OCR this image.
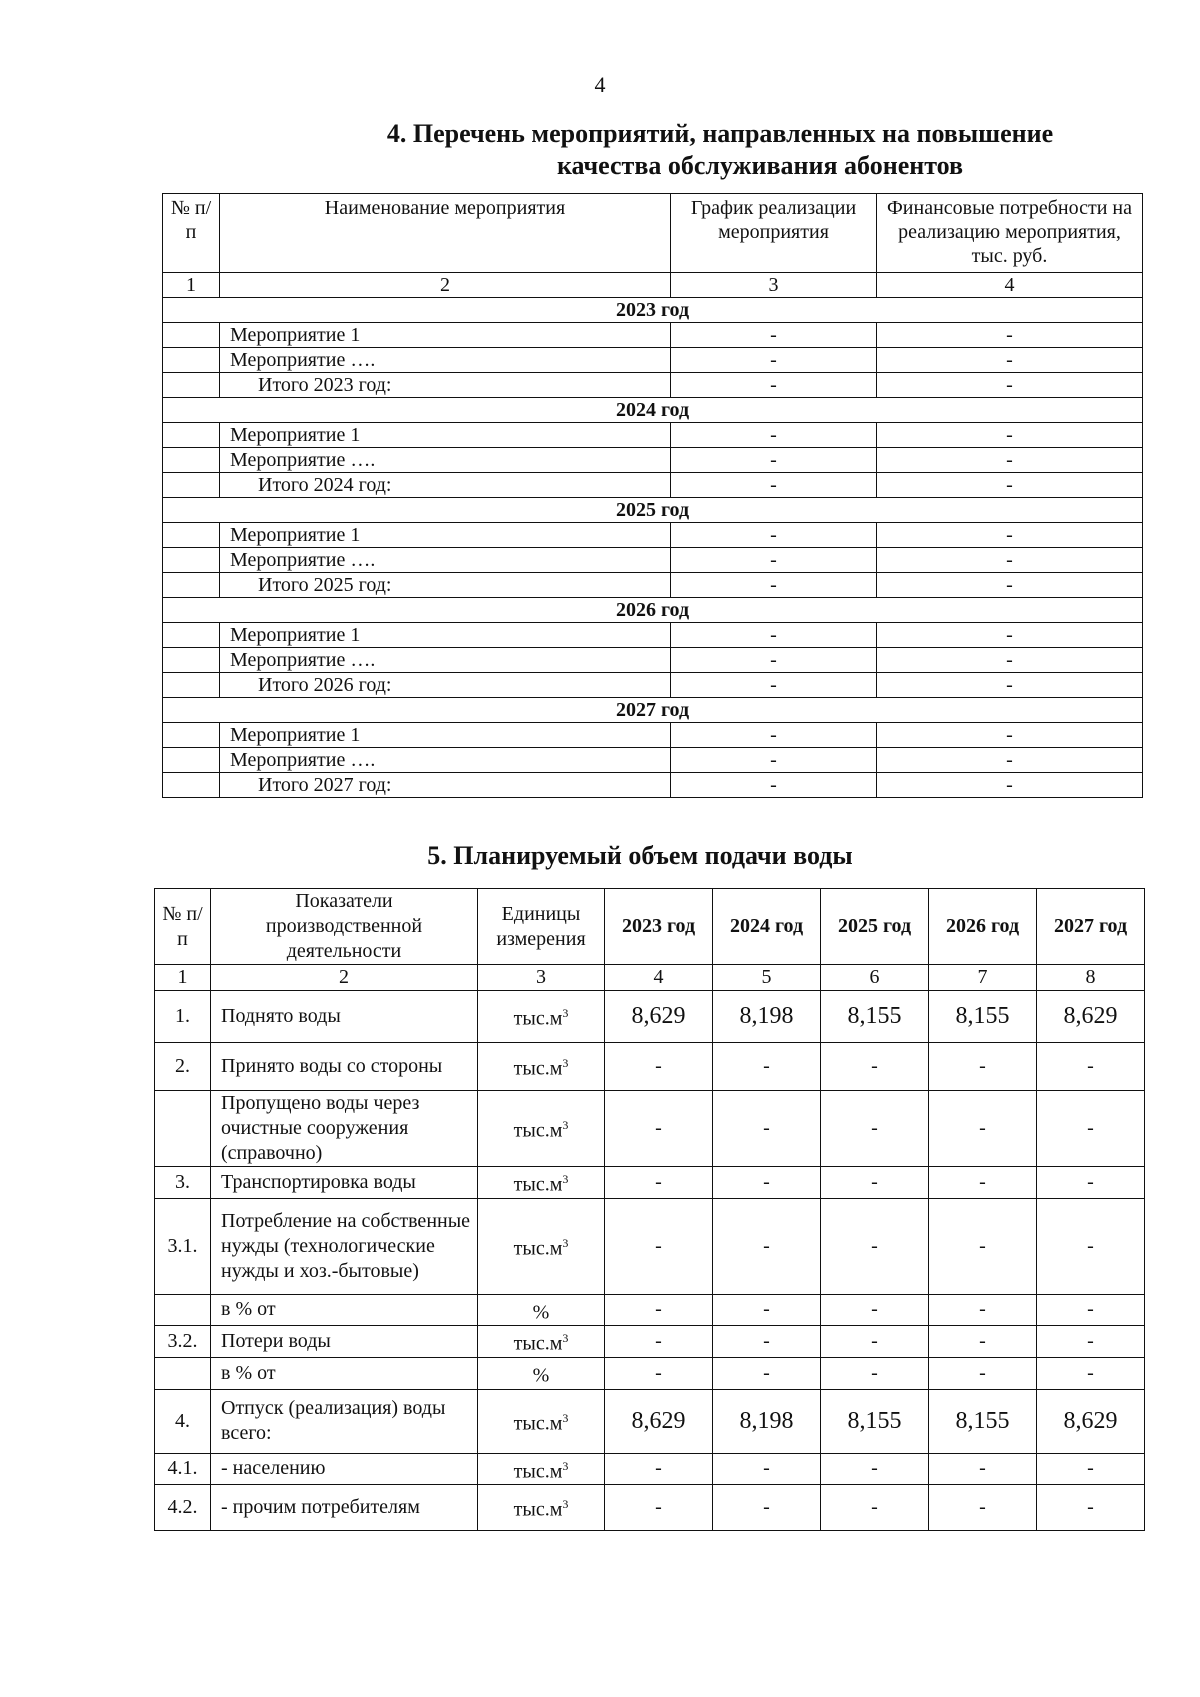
4
4. Перечень мероприятий, направленных на повышение
качества обслуживания абонентов
№ п/п	Наименование мероприятия	График реализации мероприятия	Финансовые потребности на реализацию мероприятия, тыс. руб.
1	2	3	4
2023 год			
	Мероприятие 1	-	-
	Мероприятие ….	-	-
	Итого 2023 год:	-	-
2024 год			
	Мероприятие 1	-	-
	Мероприятие ….	-	-
	Итого 2024 год:	-	-
2025 год			
	Мероприятие 1	-	-
	Мероприятие ….	-	-
	Итого 2025 год:	-	-
2026 год			
	Мероприятие 1	-	-
	Мероприятие ….	-	-
	Итого 2026 год:	-	-
2027 год			
	Мероприятие 1	-	-
	Мероприятие ….	-	-
	Итого 2027 год:	-	-
5. Планируемый объем подачи воды
№ п/п	Показатели производственной деятельности	Единицы измерения	2023 год	2024 год	2025 год	2026 год	2027 год
1	2	3	4	5	6	7	8
1.	Поднято воды	$тыс.м^3$	8,629	8,198	8,155	8,155	8,629
2.	Принято воды со стороны	$тыс.м^3$	-	-	-	-	-
	Пропущено воды через очистные сооружения (справочно)	$тыс.м^3$	-	-	-	-	-
3.	Транспортировка воды	$тыс.м^3$	-	-	-	-	-
3.1.	Потребление на собственные нужды (технологические нужды и хоз.-бытовые)	$тыс.м^3$	-	-	-	-	-
	в % от	%	-	-	-	-	-
3.2.	Потери воды	$тыс.м^3$	-	-	-	-	-
	в % от	%	-	-	-	-	-
4.	Отпуск (реализация) воды всего:	$тыс.м^3$	8,629	8,198	8,155	8,155	8,629
4.1.	- населению	$тыс.м^3$	-	-	-	-	-
4.2.	- прочим потребителям	$тыс.м^3$	-	-	-	-	-
